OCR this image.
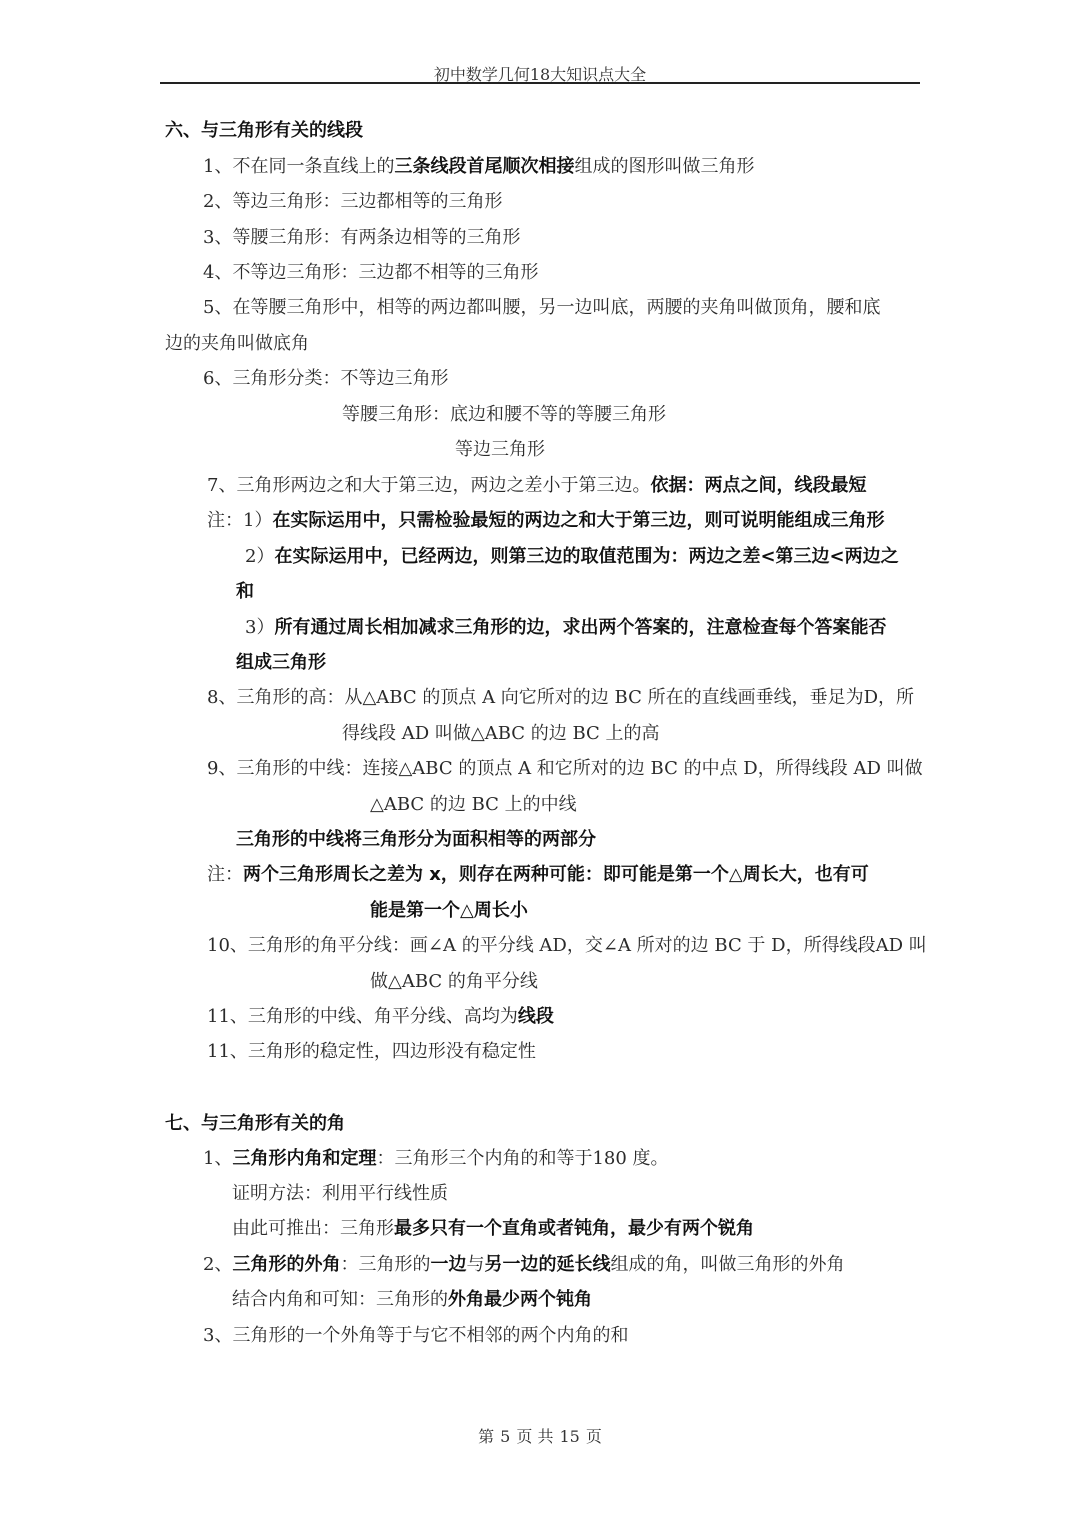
初中数学几何18大知识点大全
六、与三角形有关的线段
1、不在同一条直线上的三条线段首尾顺次相接组成的图形叫做三角形
2、等边三角形：三边都相等的三角形
3、等腰三角形：有两条边相等的三角形
4、不等边三角形：三边都不相等的三角形
5、在等腰三角形中，相等的两边都叫腰，另一边叫底，两腰的夹角叫做顶角，腰和底
边的夹角叫做底角
6、三角形分类：不等边三角形
等腰三角形：底边和腰不等的等腰三角形
等边三角形
7、三角形两边之和大于第三边，两边之差小于第三边。依据：两点之间，线段最短
注：1）在实际运用中，只需检验最短的两边之和大于第三边，则可说明能组成三角形
2）在实际运用中，已经两边，则第三边的取值范围为：两边之差<第三边<两边之
和
3）所有通过周长相加减求三角形的边，求出两个答案的，注意检查每个答案能否
组成三角形
8、三角形的高：从△ABC 的顶点 A 向它所对的边 BC 所在的直线画垂线，垂足为D，所
得线段 AD 叫做△ABC 的边 BC 上的高
9、三角形的中线：连接△ABC 的顶点 A 和它所对的边 BC 的中点 D，所得线段 AD 叫做
△ABC 的边 BC 上的中线
三角形的中线将三角形分为面积相等的两部分
注：两个三角形周长之差为 x，则存在两种可能：即可能是第一个△周长大，也有可
能是第一个△周长小
10、三角形的角平分线：画∠A 的平分线 AD，交∠A 所对的边 BC 于 D，所得线段AD 叫
做△ABC 的角平分线
11、三角形的中线、角平分线、高均为线段
11、三角形的稳定性，四边形没有稳定性
七、与三角形有关的角
1、三角形内角和定理：三角形三个内角的和等于180 度。
证明方法：利用平行线性质
由此可推出：三角形最多只有一个直角或者钝角，最少有两个锐角
2、三角形的外角：三角形的一边与另一边的延长线组成的角，叫做三角形的外角
结合内角和可知：三角形的外角最少两个钝角
3、三角形的一个外角等于与它不相邻的两个内角的和
第 5 页 共 15 页
